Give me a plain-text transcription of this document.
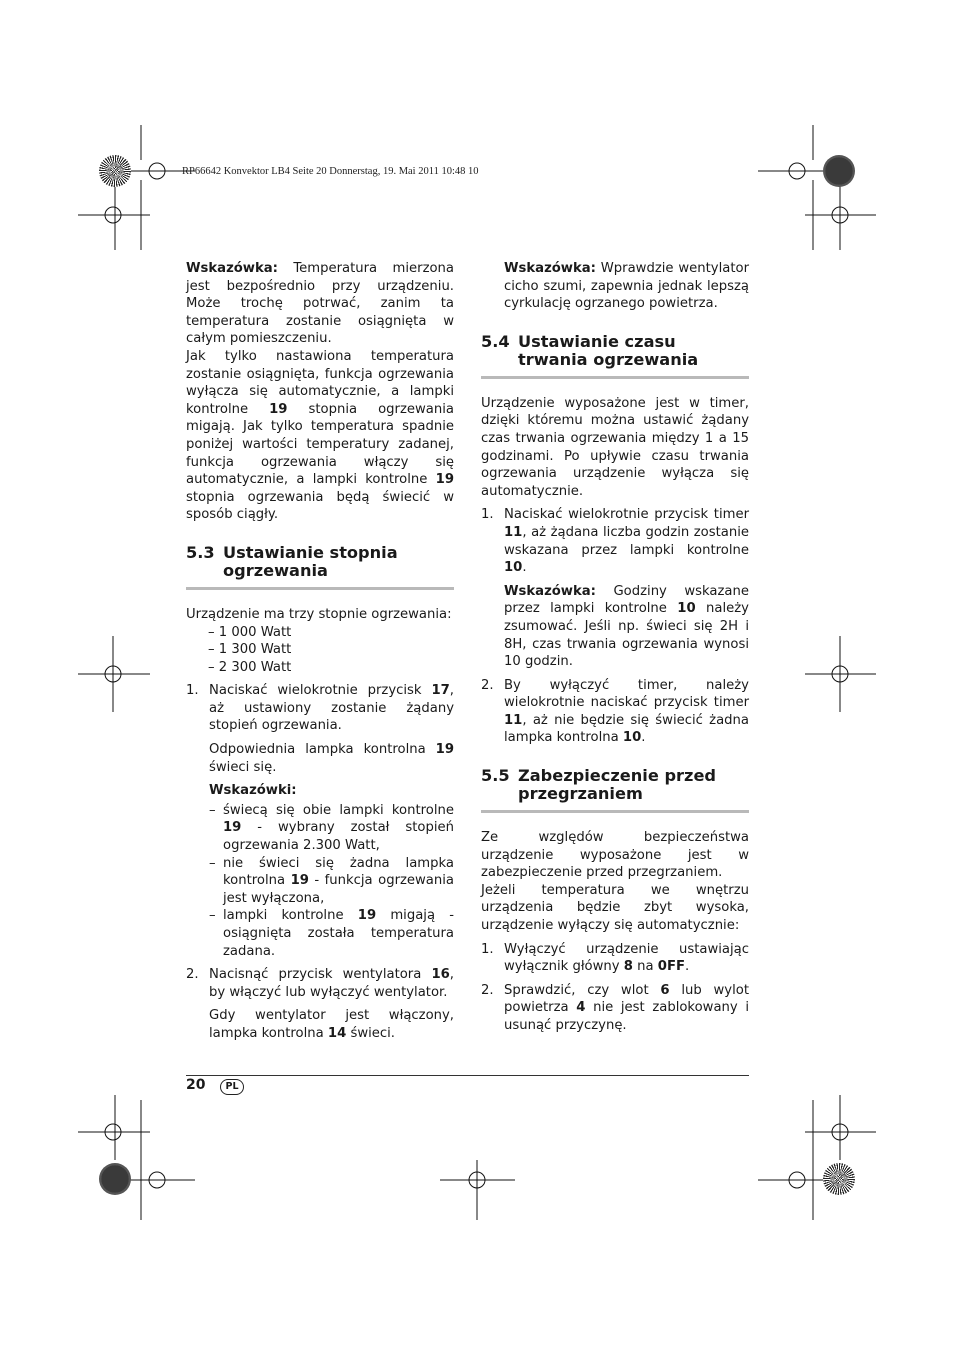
RP66642 Konvektor LB4 Seite 20 Donnerstag, 19. Mai 2011 10:48 10

Wskazówka: Temperatura mierzona jest bezpośrednio przy urządzeniu. Może trochę potrwać, zanim ta temperatura zostanie osiągnięta w całym pomieszczeniu.

Jak tylko nastawiona temperatura zostanie osiągnięta, funkcja ogrzewania wyłącza się automatycznie, a lampki kontrolne 19 stopnia ogrzewania migają. Jak tylko temperatura spadnie poniżej wartości temperatury zadanej, funkcja ogrzewania włączy się automatycznie, a lampki kontrolne 19 stopnia ogrzewania będą świecić w sposób ciągły.

5.3 Ustawianie stopnia ogrzewania

Urządzenie ma trzy stopnie ogrzewania:

– 1 000 Watt
– 1 300 Watt
– 2 300 Watt
1. Naciskać wielokrotnie przycisk 17, aż ustawiony zostanie żądany stopień ogrzewania.

Odpowiednia lampka kontrolna 19 świeci się.

Wskazówki:

– świecą się obie lampki kontrolne 19 - wybrany został stopień ogrzewania 2.300 Watt,
– nie świeci się żadna lampka kontrolna 19 - funkcja ogrzewania jest wyłączona,
– lampki kontrolne 19 migają - osiągnięta została temperatura zadana.
2. Nacisnąć przycisk wentylatora 16, by włączyć lub wyłączyć wentylator.

Gdy wentylator jest włączony, lampka kontrolna 14 świeci.

Wskazówka: Wprawdzie wentylator cicho szumi, zapewnia jednak lepszą cyrkulację ogrzanego powietrza.

5.4 Ustawianie czasu trwania ogrzewania

Urządzenie wyposażone jest w timer, dzięki któremu można ustawić żądany czas trwania ogrzewania między 1 a 15 godzinami. Po upływie czasu trwania ogrzewania urządzenie wyłącza się automatycznie.

1. Naciskać wielokrotnie przycisk timer 11, aż żądana liczba godzin zostanie wskazana przez lampki kontrolne 10.

Wskazówka: Godziny wskazane przez lampki kontrolne 10 należy zsumować. Jeśli np. świeci się 2H i 8H, czas trwania ogrzewania wynosi 10 godzin.

2. By wyłączyć timer, należy wielokrotnie naciskać przycisk timer 11, aż nie będzie się świecić żadna lampka kontrolna 10.

5.5 Zabezpieczenie przed przegrzaniem

Ze względów bezpieczeństwa urządzenie wyposażone jest w zabezpieczenie przed przegrzaniem.

Jeżeli temperatura we wnętrzu urządzenia będzie zbyt wysoka, urządzenie wyłączy się automatycznie:

1. Wyłączyć urządzenie ustawiając wyłącznik główny 8 na 0FF.

2. Sprawdzić, czy wlot 6 lub wylot powietrza 4 nie jest zablokowany i usunąć przyczynę.

20	PL
